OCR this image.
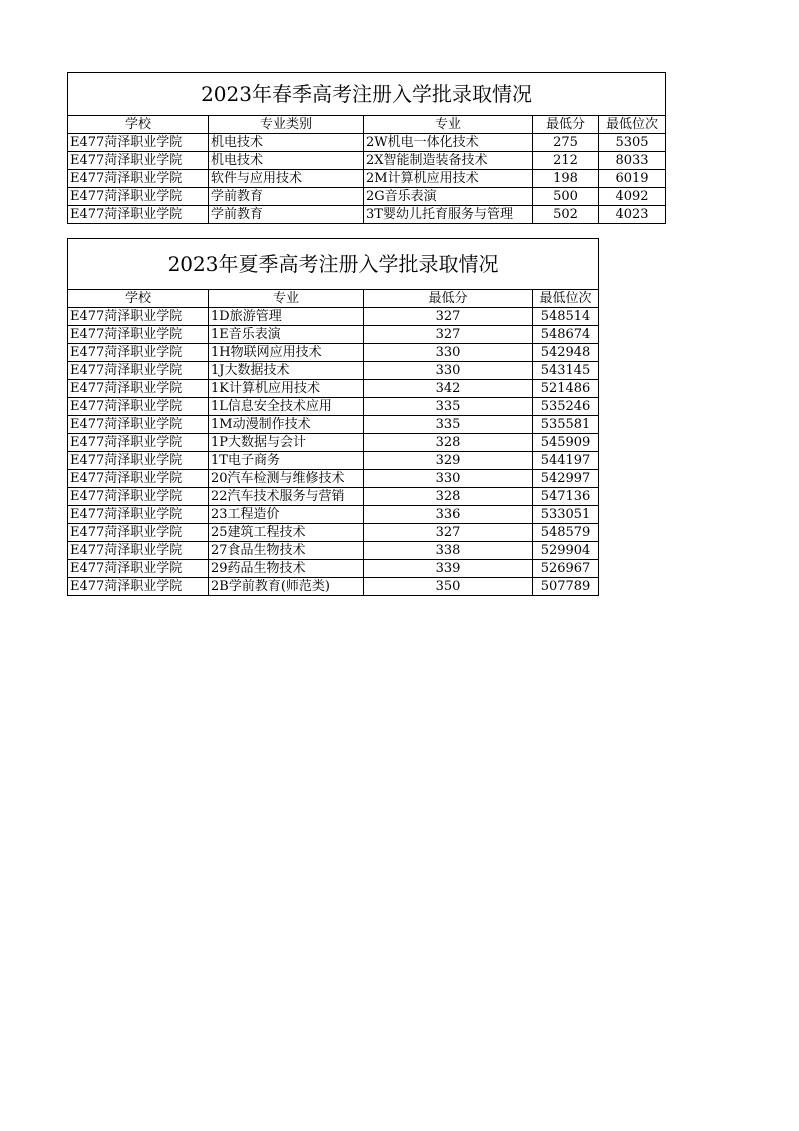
2023年春季高考注册入学批录取情况				
学校	专业类别	专业	最低分	最低位次
E477菏泽职业学院	机电技术	2W机电一体化技术	275	5305
E477菏泽职业学院	机电技术	2X智能制造装备技术	212	8033
E477菏泽职业学院	软件与应用技术	2M计算机应用技术	198	6019
E477菏泽职业学院	学前教育	2G音乐表演	500	4092
E477菏泽职业学院	学前教育	3T婴幼儿托育服务与管理	502	4023
2023年夏季高考注册入学批录取情况			
学校	专业	最低分	最低位次
E477菏泽职业学院	1D旅游管理	327	548514
E477菏泽职业学院	1E音乐表演	327	548674
E477菏泽职业学院	1H物联网应用技术	330	542948
E477菏泽职业学院	1J大数据技术	330	543145
E477菏泽职业学院	1K计算机应用技术	342	521486
E477菏泽职业学院	1L信息安全技术应用	335	535246
E477菏泽职业学院	1M动漫制作技术	335	535581
E477菏泽职业学院	1P大数据与会计	328	545909
E477菏泽职业学院	1T电子商务	329	544197
E477菏泽职业学院	20汽车检测与维修技术	330	542997
E477菏泽职业学院	22汽车技术服务与营销	328	547136
E477菏泽职业学院	23工程造价	336	533051
E477菏泽职业学院	25建筑工程技术	327	548579
E477菏泽职业学院	27食品生物技术	338	529904
E477菏泽职业学院	29药品生物技术	339	526967
E477菏泽职业学院	2B学前教育(师范类)	350	507789
